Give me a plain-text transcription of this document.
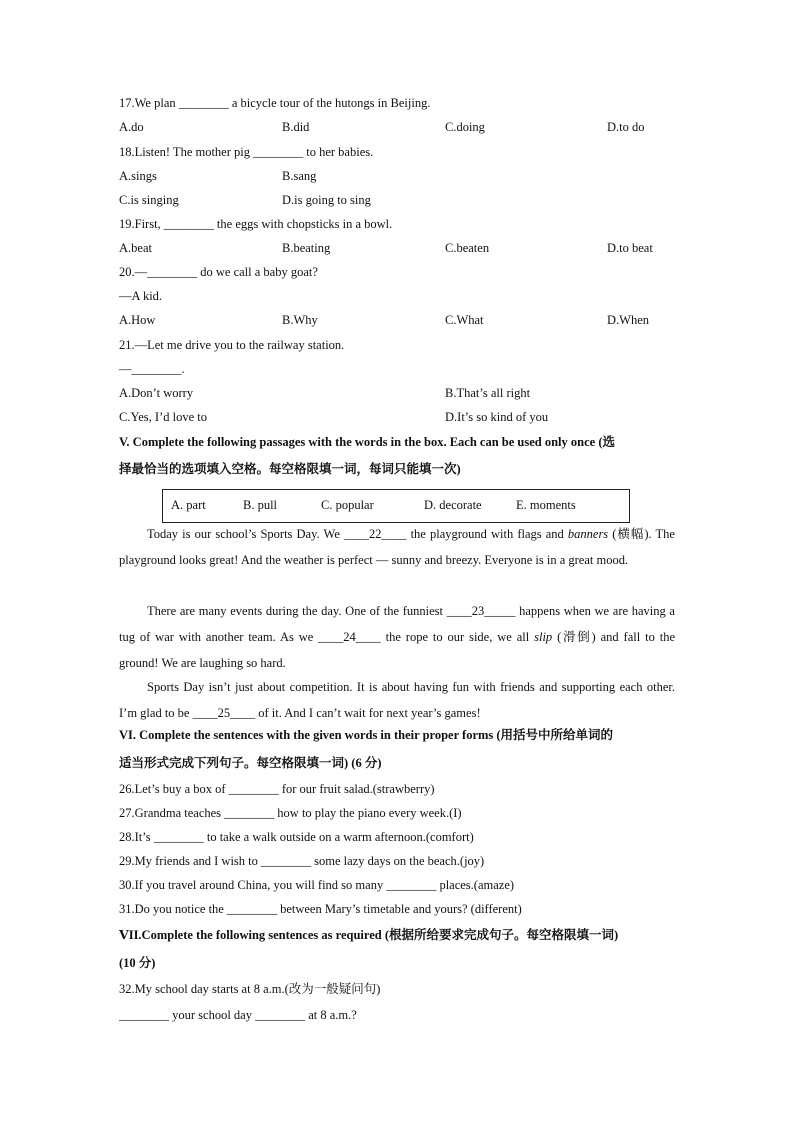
17.We plan ________ a bicycle tour of the hutongs in Beijing.
A.do	B.did	C.doing	D.to do
18.Listen! The mother pig ________ to her babies.
A.sings	B.sang
C.is singing	D.is going to sing
19.First, ________ the eggs with chopsticks in a bowl.
A.beat	B.beating	C.beaten	D.to beat
20.—________ do we call a baby goat?
—A kid.
A.How	B.Why	C.What	D.When
21.—Let me drive you to the railway station.
—________.
A.Don’t worry	B.That’s all right
C.Yes, I’d love to	D.It’s so kind of you
V. Complete the following passages with the words in the box. Each can be used only once (选
择最恰当的选项填入空格。每空格限填一词，每词只能填一次)
A. part	B. pull	C. popular	D. decorate	E. moments
Today is our school’s Sports Day. We ____22____ the playground with flags and banners (横幅). The playground looks great! And the weather is perfect — sunny and breezy. Everyone is in a great mood.
There are many events during the day. One of the funniest ____23_____ happens when we are having a tug of war with another team. As we ____24____ the rope to our side, we all slip (滑倒) and fall to the ground! We are laughing so hard.
Sports Day isn’t just about competition. It is about having fun with friends and supporting each other. I’m glad to be ____25____ of it. And I can’t wait for next year’s games!
VI. Complete the sentences with the given words in their proper forms (用括号中所给单词的
适当形式完成下列句子。每空格限填一词) (6 分)
26.Let’s buy a box of ________ for our fruit salad.(strawberry)
27.Grandma teaches ________ how to play the piano every week.(I)
28.It’s ________ to take a walk outside on a warm afternoon.(comfort)
29.My friends and I wish to ________ some lazy days on the beach.(joy)
30.If you travel around China, you will find so many ________ places.(amaze)
31.Do you notice the ________ between Mary’s timetable and yours? (different)
ⅤII.Complete the following sentences as required (根据所给要求完成句子。每空格限填一词)
(10 分)
32.My school day starts at 8 a.m.(改为一般疑问句)
________ your school day ________ at 8 a.m.?
